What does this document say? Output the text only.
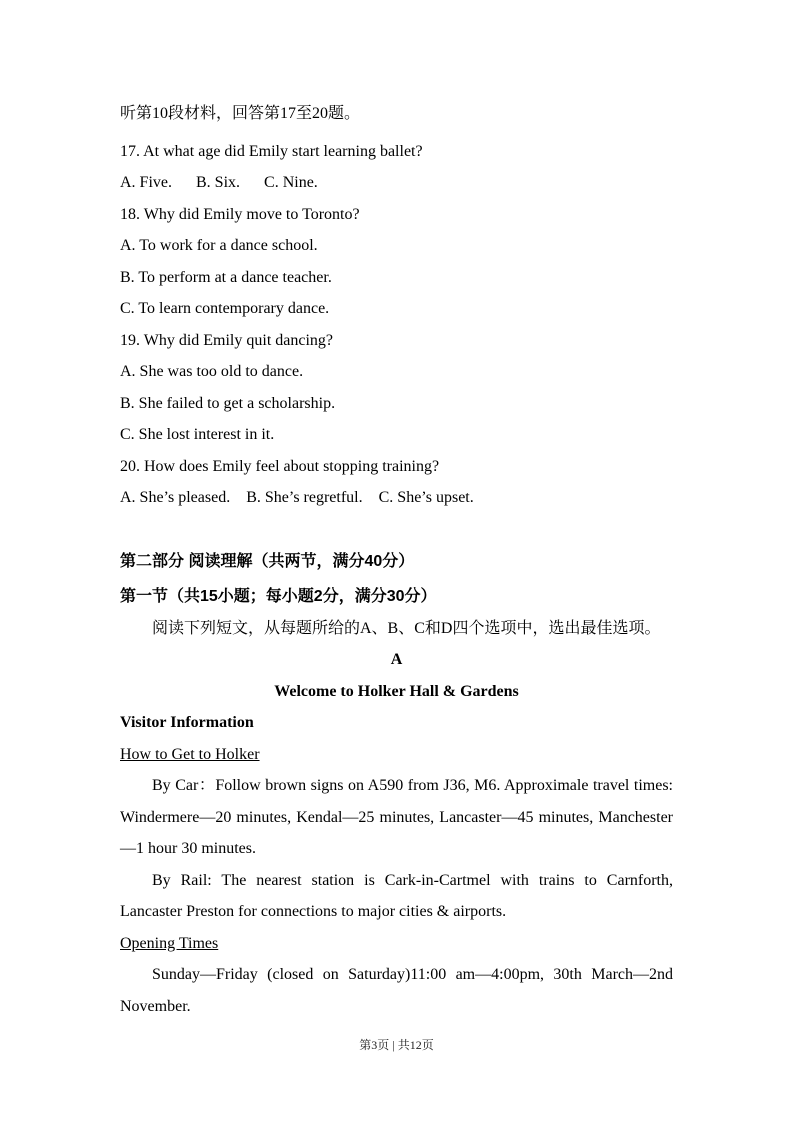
听第10段材料，回答第17至20题。

17. At what age did Emily start learning ballet?

A. Five.      B. Six.      C. Nine.

18. Why did Emily move to Toronto?

A. To work for a dance school.

B. To perform at a dance teacher.

C. To learn contemporary dance.

19. Why did Emily quit dancing?

A. She was too old to dance.

B. She failed to get a scholarship.

C. She lost interest in it.

20. How does Emily feel about stopping training?

A. She’s pleased.    B. She’s regretful.    C. She’s upset.

第二部分 阅读理解（共两节，满分40分）

第一节（共15小题；每小题2分，满分30分）

阅读下列短文，从每题所给的A、B、C和D四个选项中，选出最佳选项。

A

Welcome to Holker Hall & Gardens

Visitor Information

How to Get to Holker

By Car：Follow brown signs on A590 from J36, M6. Approximale travel times: Windermere—20 minutes, Kendal—25 minutes, Lancaster—45 minutes, Manchester—1 hour 30 minutes.

By Rail: The nearest station is Cark-in-Cartmel with trains to Carnforth, Lancaster Preston for connections to major cities & airports.

Opening Times

Sunday—Friday (closed on Saturday)11:00 am—4:00pm, 30th March—2nd November.

第3页 | 共12页
